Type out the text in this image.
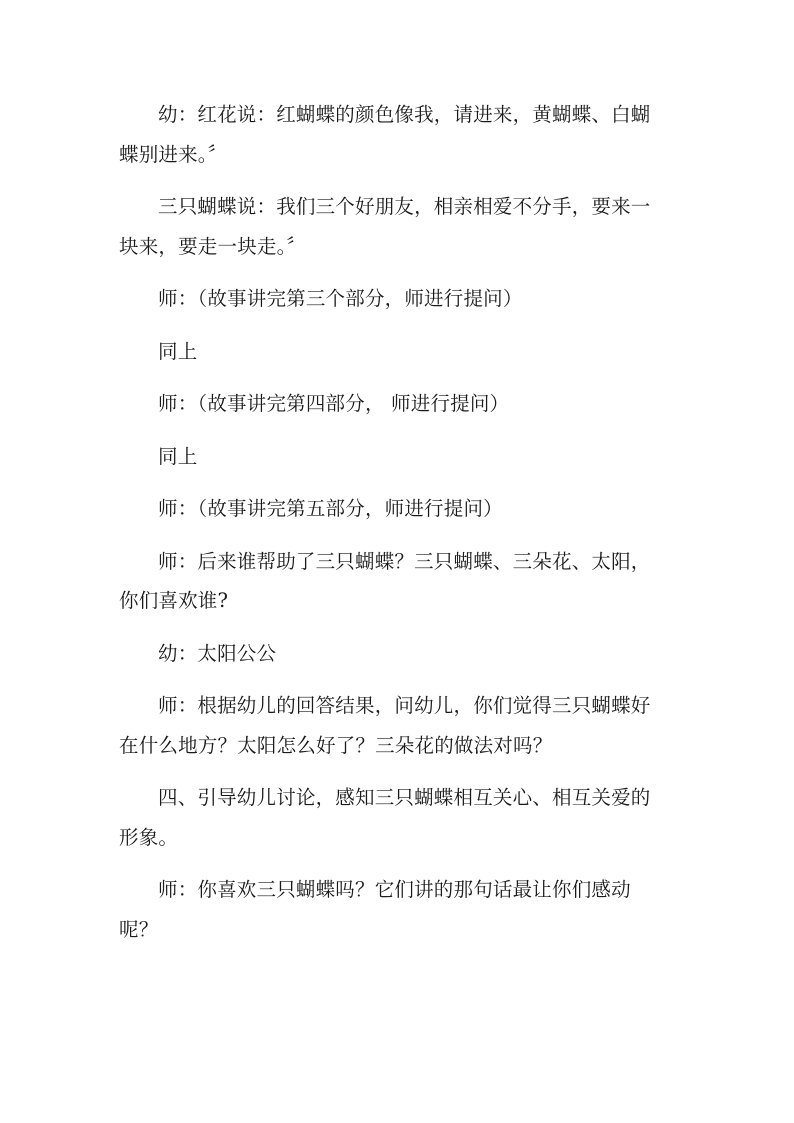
幼：红花说：红蝴蝶的颜色像我，请进来，黄蝴蝶、白蝴蝶别进来。〞

三只蝴蝶说：我们三个好朋友，相亲相爱不分手，要来一块来，要走一块走。〞

师：（故事讲完第三个部分，师进行提问）

同上

师：（故事讲完第四部分， 师进行提问）

同上

师：（故事讲完第五部分，师进行提问）

师：后来谁帮助了三只蝴蝶？三只蝴蝶、三朵花、太阳，你们喜欢谁?

幼：太阳公公

师：根据幼儿的回答结果，问幼儿，你们觉得三只蝴蝶好在什么地方？太阳怎么好了？三朵花的做法对吗？

四、引导幼儿讨论，感知三只蝴蝶相互关心、相互关爱的形象。

师：你喜欢三只蝴蝶吗？它们讲的那句话最让你们感动呢？
